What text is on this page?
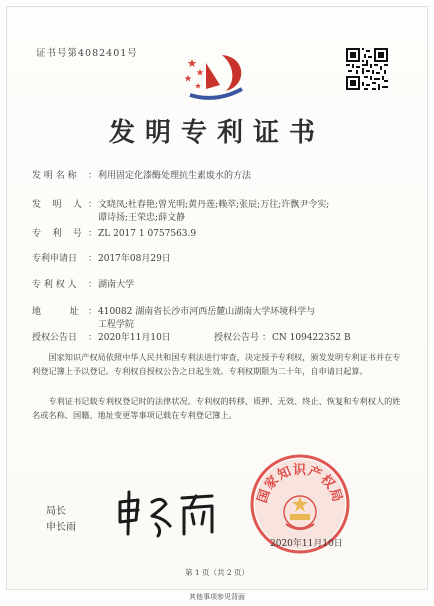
证书号第4082401号
发明专利证书
发 明 名 称 ： 利用固定化漆酶处理抗生素废水的方法
发    明    人 ： 文晓凤;杜春艳;曾光明;黄丹莲;赖萃;张辰;万往;许飘尹令实;谭诗扬;王荣忠;薛文静
专    利    号 ： ZL 2017 1 0757563.9
专利申请日 ： 2017年08月29日
专 利 权 人 ： 湖南大学
地          址 ： 410082 湖南省长沙市河西岳麓山湖南大学环境科学与工程学院
授权公告日 ： 2020年11月10日	授权公告号 ： CN 109422352 B

国家知识产权局依照中华人民共和国专利法进行审查，决定授予专利权，颁发发明专利证书并在专利登记簿上予以登记。专利权自授权公告之日起生效。专利权期限为二十年，自申请日起算。

专利证书记载专利权登记时的法律状况。专利权的转移、质押、无效、终止、恢复和专利权人的姓名或名称、国籍、地址变更等事项记载在专利登记簿上。

国家知识产权局
局长
申长雨
2020年11月10日
第 1 页（共 2 页）
其他事项参见背面
